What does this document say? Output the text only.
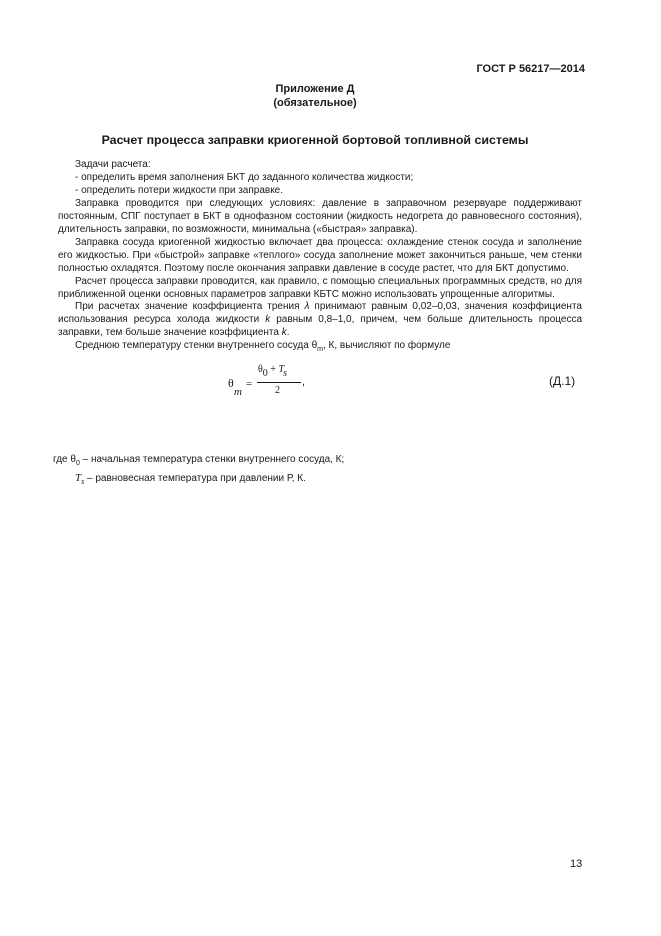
ГОСТ Р 56217—2014
Приложение Д
(обязательное)
Расчет процесса заправки криогенной бортовой топливной системы

Задачи расчета:

- определить время заполнения БКТ до заданного количества жидкости;

- определить потери жидкости при заправке.

Заправка проводится при следующих условиях: давление в заправочном резервуаре поддерживают постоянным, СПГ поступает в БКТ в однофазном состоянии (жидкость недогрета до равновесного состояния), длительность заправки, по возможности, минимальна («быстрая» заправка).

Заправка сосуда криогенной жидкостью включает два процесса: охлаждение стенок сосуда и заполнение его жидкостью. При «быстрой» заправке «теплого» сосуда заполнение может закончиться раньше, чем стенки полностью охладятся. Поэтому после окончания заправки давление в сосуде растет, что для БКТ допустимо.

Расчет процесса заправки проводится, как правило, с помощью специальных программных средств, но для приближенной оценки основных параметров заправки КБТС можно использовать упрощенные алгоритмы.

При расчетах значение коэффициента трения λ принимают равным 0,02–0,03, значения коэффициента использования ресурса холода жидкости k равным 0,8–1,0, причем, чем больше длительность процесса заправки, тем больше значение коэффициента k.

Среднюю температуру стенки внутреннего сосуда $\theta_m$, К, вычисляют по формуле

θ
m
=
θ0 + Ts
2
,	(Д.1)
где $\theta_0$ – начальная температура стенки внутреннего сосуда, К;
$T_s$ – равновесная температура при давлении Р, К.
13
